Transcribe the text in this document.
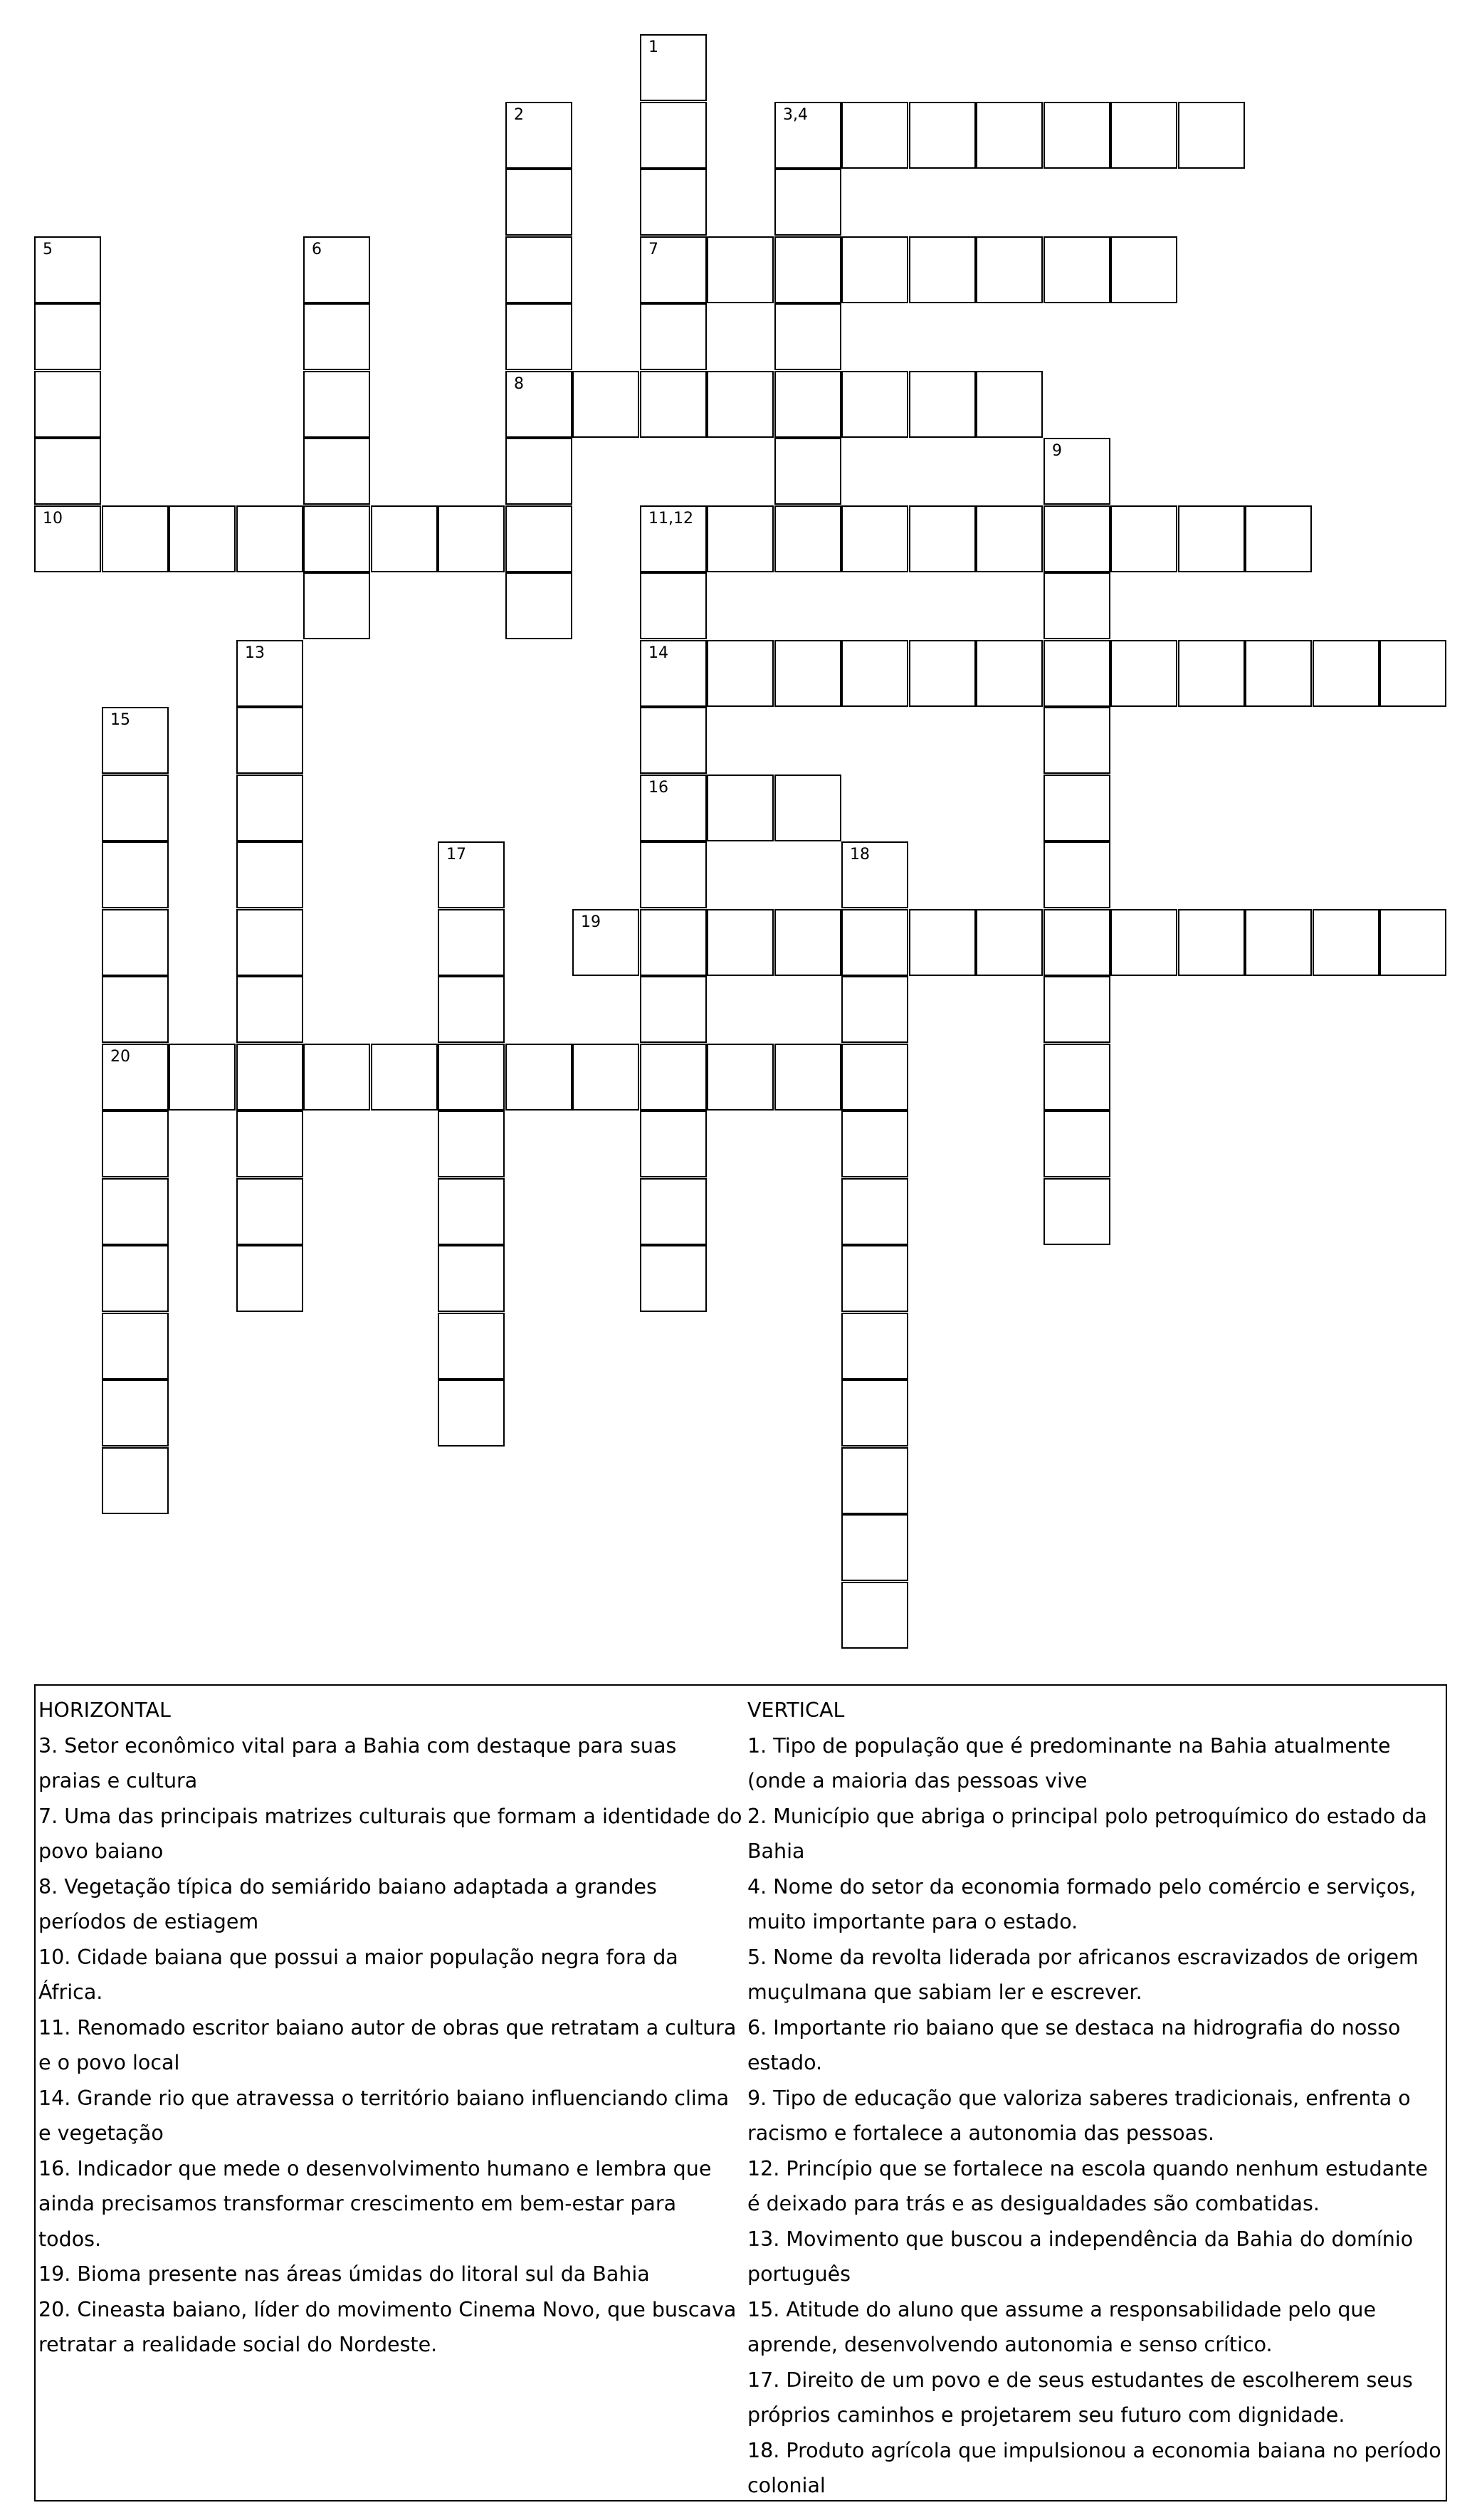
1
7
2
8
3,4
5
10
6
9
11,12
14
16
13
15
20
17	18
19
HORIZONTAL
3. Setor econômico vital para a Bahia com destaque para suas praias e cultura
7. Uma das principais matrizes culturais que formam a identidade do povo baiano
8. Vegetação típica do semiárido baiano adaptada a grandes períodos de estiagem
10. Cidade baiana que possui a maior população negra fora da África.
11. Renomado escritor baiano autor de obras que retratam a cultura e o povo local
14. Grande rio que atravessa o território baiano influenciando clima e vegetação
16. Indicador que mede o desenvolvimento humano e lembra que ainda precisamos transformar crescimento em bem-estar para todos.
19. Bioma presente nas áreas úmidas do litoral sul da Bahia
20. Cineasta baiano, líder do movimento Cinema Novo, que buscava retratar a realidade social do Nordeste.
VERTICAL
1. Tipo de população que é predominante na Bahia atualmente (onde a maioria das pessoas vive
2. Município que abriga o principal polo petroquímico do estado da Bahia
4. Nome do setor da economia formado pelo comércio e serviços, muito importante para o estado.
5. Nome da revolta liderada por africanos escravizados de origem muçulmana que sabiam ler e escrever.
6. Importante rio baiano que se destaca na hidrografia do nosso estado.
9. Tipo de educação que valoriza saberes tradicionais, enfrenta o racismo e fortalece a autonomia das pessoas.
12. Princípio que se fortalece na escola quando nenhum estudante é deixado para trás e as desigualdades são combatidas.
13. Movimento que buscou a independência da Bahia do domínio português
15. Atitude do aluno que assume a responsabilidade pelo que aprende, desenvolvendo autonomia e senso crítico.
17. Direito de um povo e de seus estudantes de escolherem seus próprios caminhos e projetarem seu futuro com dignidade.
18. Produto agrícola que impulsionou a economia baiana no período colonial
